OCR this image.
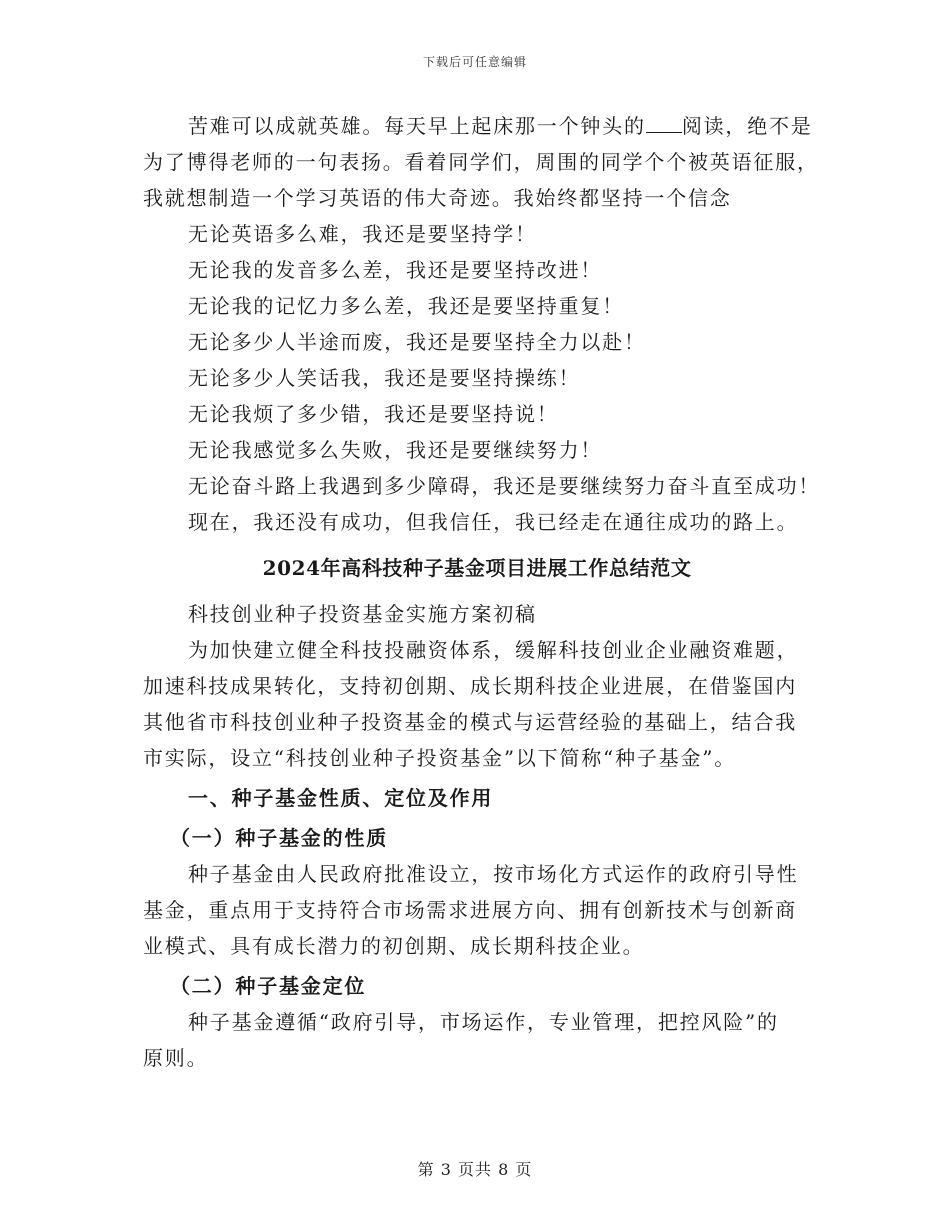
下载后可任意编辑
苦难可以成就英雄。每天早上起床那一个钟头的 阅读，绝不是
为了博得老师的一句表扬。看着同学们，周围的同学个个被英语征服，
我就想制造一个学习英语的伟大奇迹。我始终都坚持一个信念
无论英语多么难，我还是要坚持学！
无论我的发音多么差，我还是要坚持改进！
无论我的记忆力多么差，我还是要坚持重复！
无论多少人半途而废，我还是要坚持全力以赴！
无论多少人笑话我，我还是要坚持操练！
无论我烦了多少错，我还是要坚持说！
无论我感觉多么失败，我还是要继续努力！
无论奋斗路上我遇到多少障碍，我还是要继续努力奋斗直至成功！
现在，我还没有成功，但我信任，我已经走在通往成功的路上。
2024年高科技种子基金项目进展工作总结范文
科技创业种子投资基金实施方案初稿
为加快建立健全科技投融资体系，缓解科技创业企业融资难题，
加速科技成果转化，支持初创期、成长期科技企业进展，在借鉴国内
其他省市科技创业种子投资基金的模式与运营经验的基础上，结合我
市实际，设立“科技创业种子投资基金”以下简称“种子基金”。
一、种子基金性质、定位及作用
（一）种子基金的性质
种子基金由人民政府批准设立，按市场化方式运作的政府引导性
基金，重点用于支持符合市场需求进展方向、拥有创新技术与创新商
业模式、具有成长潜力的初创期、成长期科技企业。
（二）种子基金定位
种子基金遵循“政府引导，市场运作，专业管理，把控风险”的
原则。
第 3 页共 8 页
